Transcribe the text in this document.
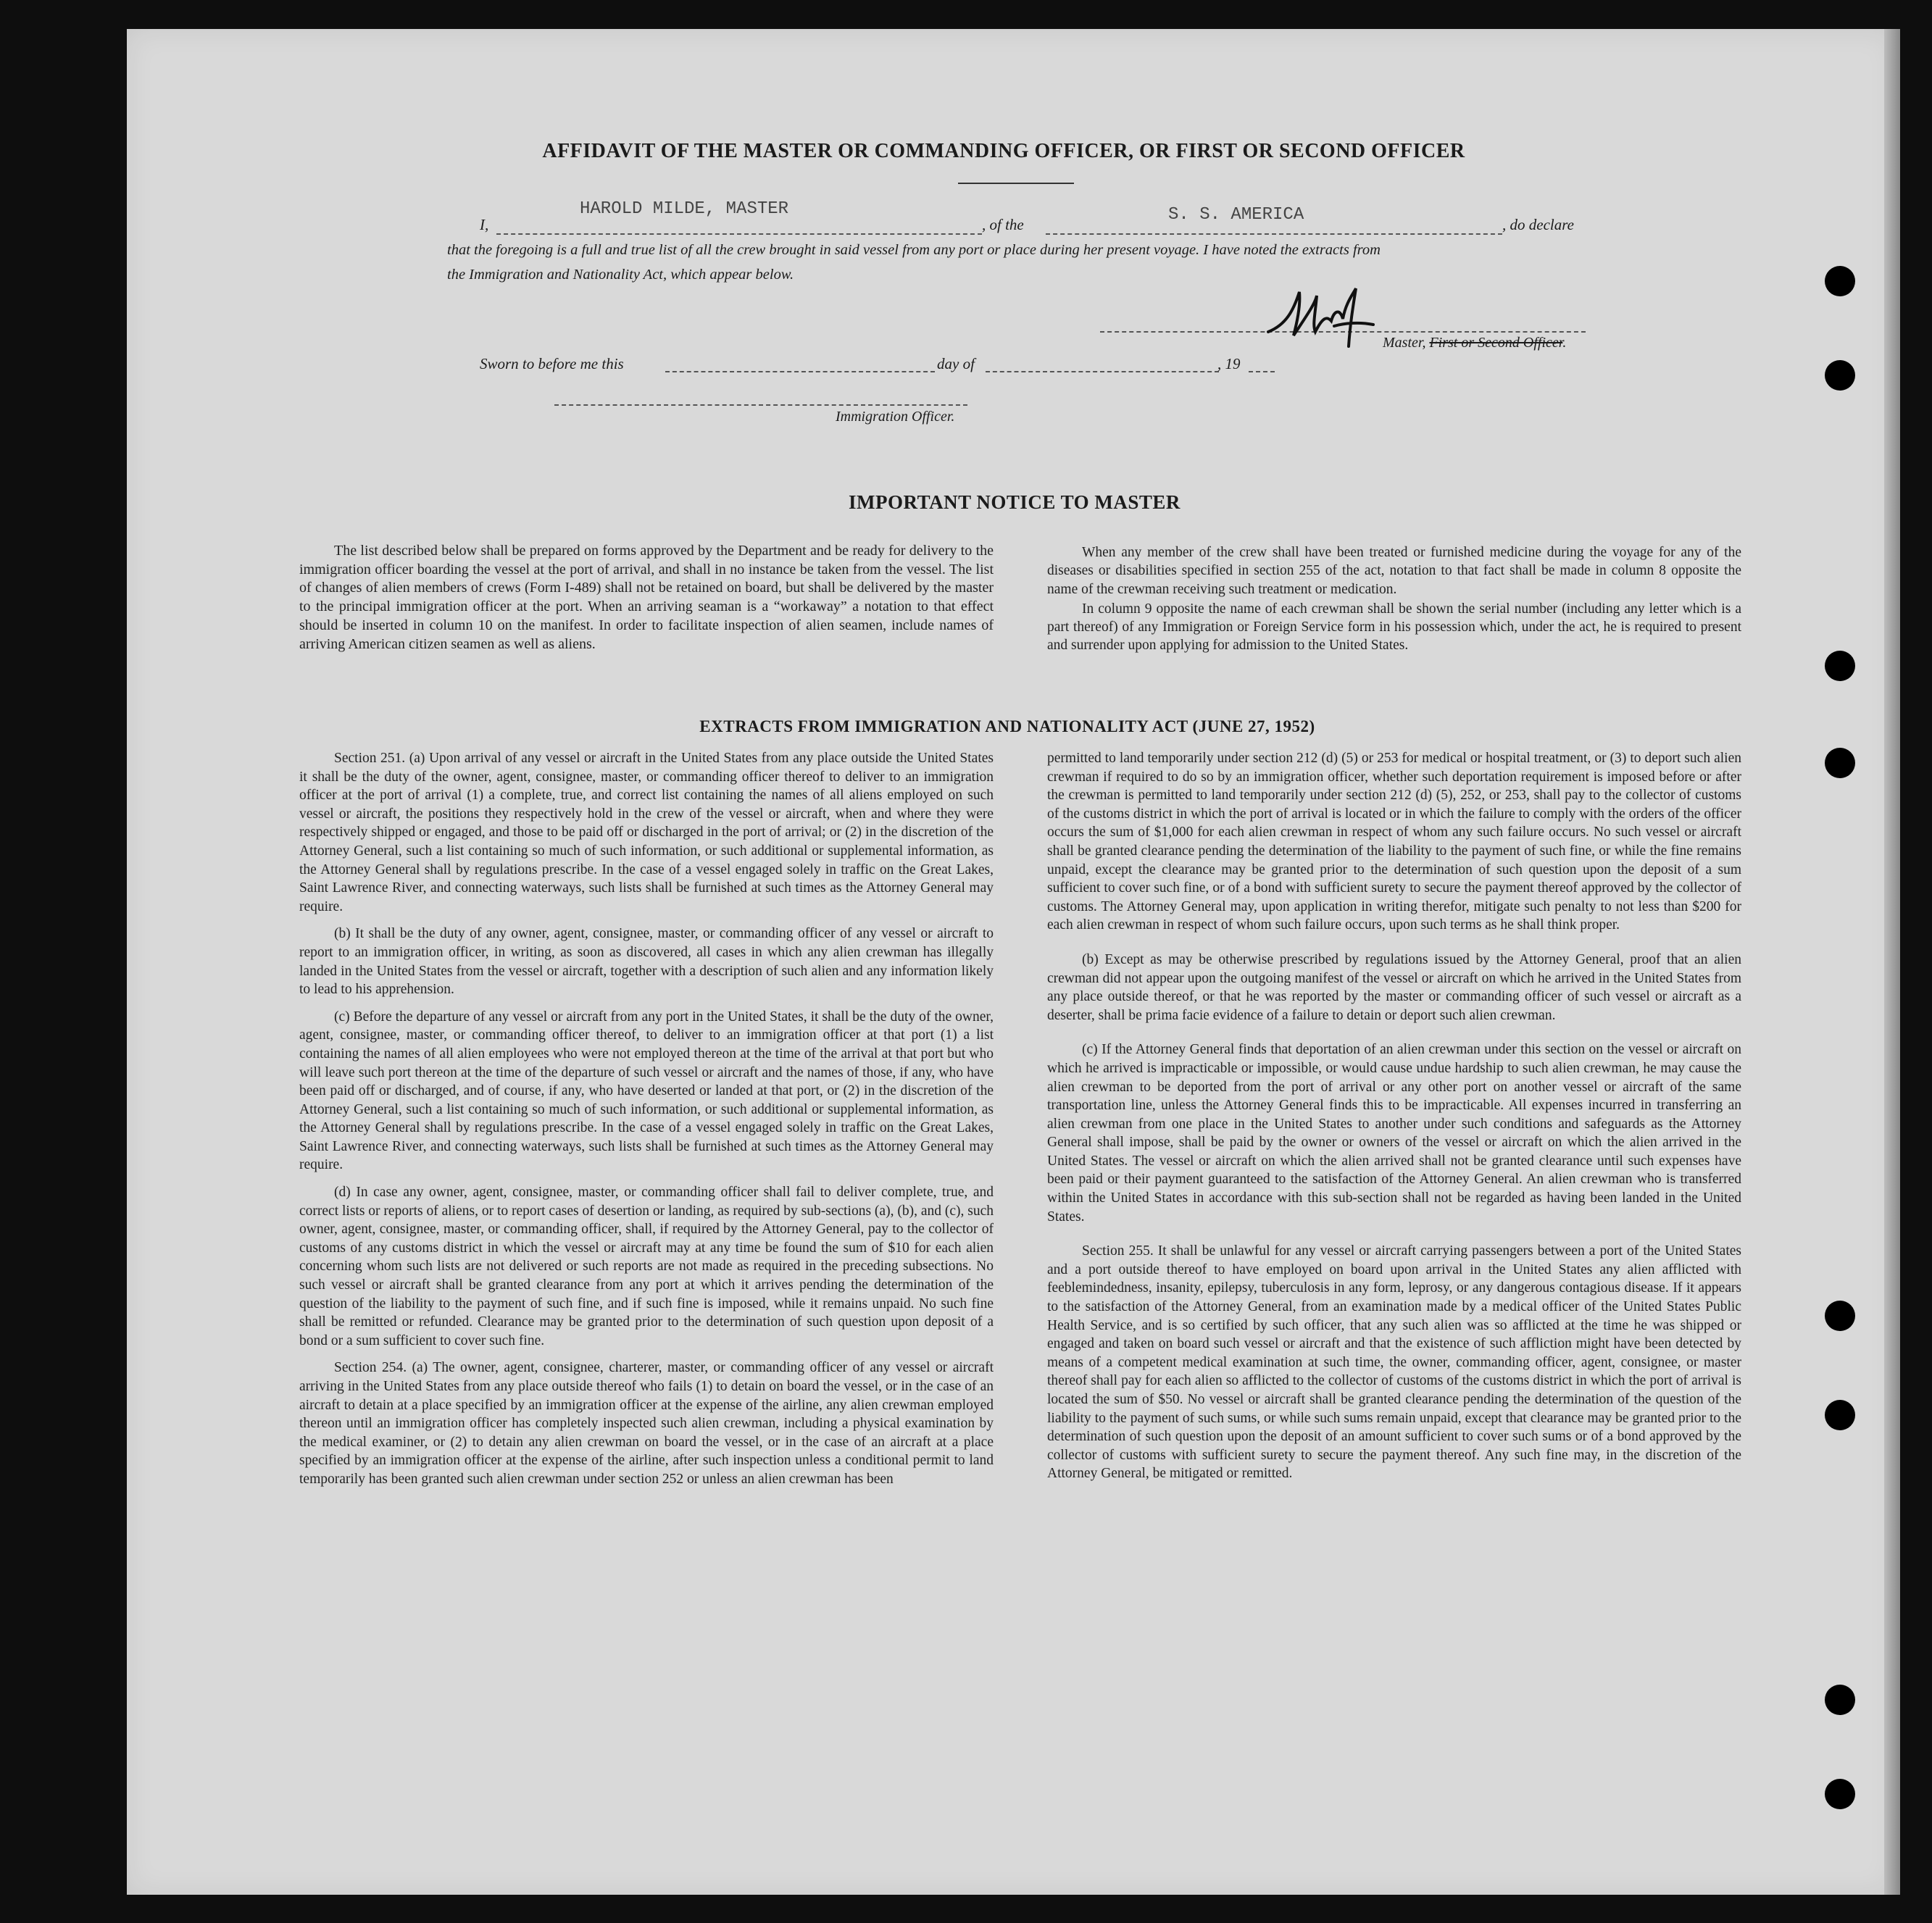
AFFIDAVIT OF THE MASTER OR COMMANDING OFFICER, OR FIRST OR SECOND OFFICER
I,
HAROLD MILDE, MASTER
, of the	S. S. AMERICA	, do declare
that the foregoing is a full and true list of all the crew brought in said vessel from any port or place during her present voyage. I have noted the extracts from
the Immigration and Nationality Act, which appear below.
Master, First or Second Officer.
Sworn to before me this	day of	, 19
Immigration Officer.
IMPORTANT NOTICE TO MASTER

The list described below shall be prepared on forms approved by the Department and be ready for delivery to the immigration officer boarding the vessel at the port of arrival, and shall in no instance be taken from the vessel. The list of changes of alien members of crews (Form I-489) shall not be retained on board, but shall be delivered by the master to the principal immigration officer at the port. When an arriving seaman is a “workaway” a notation to that effect should be inserted in column 10 on the manifest. In order to facilitate inspection of alien seamen, include names of arriving American citizen seamen as well as aliens.

When any member of the crew shall have been treated or furnished medicine during the voyage for any of the diseases or disabilities specified in section 255 of the act, notation to that fact shall be made in column 8 opposite the name of the crewman receiving such treatment or medication.

In column 9 opposite the name of each crewman shall be shown the serial number (including any letter which is a part thereof) of any Immigration or Foreign Service form in his possession which, under the act, he is required to present and surrender upon applying for admission to the United States.

EXTRACTS FROM IMMIGRATION AND NATIONALITY ACT (JUNE 27, 1952)

Section 251. (a) Upon arrival of any vessel or aircraft in the United States from any place outside the United States it shall be the duty of the owner, agent, consignee, master, or commanding officer thereof to deliver to an immigration officer at the port of arrival (1) a complete, true, and correct list containing the names of all aliens employed on such vessel or aircraft, the positions they respectively hold in the crew of the vessel or aircraft, when and where they were respectively shipped or engaged, and those to be paid off or discharged in the port of arrival; or (2) in the discretion of the Attorney General, such a list containing so much of such information, or such additional or supplemental information, as the Attorney General shall by regulations prescribe. In the case of a vessel engaged solely in traffic on the Great Lakes, Saint Lawrence River, and connecting waterways, such lists shall be furnished at such times as the Attorney General may require.

(b) It shall be the duty of any owner, agent, consignee, master, or commanding officer of any vessel or aircraft to report to an immigration officer, in writing, as soon as discovered, all cases in which any alien crewman has illegally landed in the United States from the vessel or aircraft, together with a description of such alien and any information likely to lead to his apprehension.

(c) Before the departure of any vessel or aircraft from any port in the United States, it shall be the duty of the owner, agent, consignee, master, or commanding officer thereof, to deliver to an immigration officer at that port (1) a list containing the names of all alien employees who were not employed thereon at the time of the arrival at that port but who will leave such port thereon at the time of the departure of such vessel or aircraft and the names of those, if any, who have been paid off or discharged, and of course, if any, who have deserted or landed at that port, or (2) in the discretion of the Attorney General, such a list containing so much of such information, or such additional or supplemental information, as the Attorney General shall by regulations prescribe. In the case of a vessel engaged solely in traffic on the Great Lakes, Saint Lawrence River, and connecting waterways, such lists shall be furnished at such times as the Attorney General may require.

(d) In case any owner, agent, consignee, master, or commanding officer shall fail to deliver complete, true, and correct lists or reports of aliens, or to report cases of desertion or landing, as required by sub-sections (a), (b), and (c), such owner, agent, consignee, master, or commanding officer, shall, if required by the Attorney General, pay to the collector of customs of any customs district in which the vessel or aircraft may at any time be found the sum of $10 for each alien concerning whom such lists are not delivered or such reports are not made as required in the preceding subsections. No such vessel or aircraft shall be granted clearance from any port at which it arrives pending the determination of the question of the liability to the payment of such fine, and if such fine is imposed, while it remains unpaid. No such fine shall be remitted or refunded. Clearance may be granted prior to the determination of such question upon deposit of a bond or a sum sufficient to cover such fine.

Section 254. (a) The owner, agent, consignee, charterer, master, or commanding officer of any vessel or aircraft arriving in the United States from any place outside thereof who fails (1) to detain on board the vessel, or in the case of an aircraft to detain at a place specified by an immigration officer at the expense of the airline, any alien crewman employed thereon until an immigration officer has completely inspected such alien crewman, including a physical examination by the medical examiner, or (2) to detain any alien crewman on board the vessel, or in the case of an aircraft at a place specified by an immigration officer at the expense of the airline, after such inspection unless a conditional permit to land temporarily has been granted such alien crewman under section 252 or unless an alien crewman has been

permitted to land temporarily under section 212 (d) (5) or 253 for medical or hospital treatment, or (3) to deport such alien crewman if required to do so by an immigration officer, whether such deportation requirement is imposed before or after the crewman is permitted to land temporarily under section 212 (d) (5), 252, or 253, shall pay to the collector of customs of the customs district in which the port of arrival is located or in which the failure to comply with the orders of the officer occurs the sum of $1,000 for each alien crewman in respect of whom any such failure occurs. No such vessel or aircraft shall be granted clearance pending the determination of the liability to the payment of such fine, or while the fine remains unpaid, except the clearance may be granted prior to the determination of such question upon the deposit of a sum sufficient to cover such fine, or of a bond with sufficient surety to secure the payment thereof approved by the collector of customs. The Attorney General may, upon application in writing therefor, mitigate such penalty to not less than $200 for each alien crewman in respect of whom such failure occurs, upon such terms as he shall think proper.

(b) Except as may be otherwise prescribed by regulations issued by the Attorney General, proof that an alien crewman did not appear upon the outgoing manifest of the vessel or aircraft on which he arrived in the United States from any place outside thereof, or that he was reported by the master or commanding officer of such vessel or aircraft as a deserter, shall be prima facie evidence of a failure to detain or deport such alien crewman.

(c) If the Attorney General finds that deportation of an alien crewman under this section on the vessel or aircraft on which he arrived is impracticable or impossible, or would cause undue hardship to such alien crewman, he may cause the alien crewman to be deported from the port of arrival or any other port on another vessel or aircraft of the same transportation line, unless the Attorney General finds this to be impracticable. All expenses incurred in transferring an alien crewman from one place in the United States to another under such conditions and safeguards as the Attorney General shall impose, shall be paid by the owner or owners of the vessel or aircraft on which the alien arrived in the United States. The vessel or aircraft on which the alien arrived shall not be granted clearance until such expenses have been paid or their payment guaranteed to the satisfaction of the Attorney General. An alien crewman who is transferred within the United States in accordance with this sub-section shall not be regarded as having been landed in the United States.

Section 255. It shall be unlawful for any vessel or aircraft carrying passengers between a port of the United States and a port outside thereof to have employed on board upon arrival in the United States any alien afflicted with feeblemindedness, insanity, epilepsy, tuberculosis in any form, leprosy, or any dangerous contagious disease. If it appears to the satisfaction of the Attorney General, from an examination made by a medical officer of the United States Public Health Service, and is so certified by such officer, that any such alien was so afflicted at the time he was shipped or engaged and taken on board such vessel or aircraft and that the existence of such affliction might have been detected by means of a competent medical examination at such time, the owner, commanding officer, agent, consignee, or master thereof shall pay for each alien so afflicted to the collector of customs of the customs district in which the port of arrival is located the sum of $50. No vessel or aircraft shall be granted clearance pending the determination of the question of the liability to the payment of such sums, or while such sums remain unpaid, except that clearance may be granted prior to the determination of such question upon the deposit of an amount sufficient to cover such sums or of a bond approved by the collector of customs with sufficient surety to secure the payment thereof. Any such fine may, in the discretion of the Attorney General, be mitigated or remitted.
